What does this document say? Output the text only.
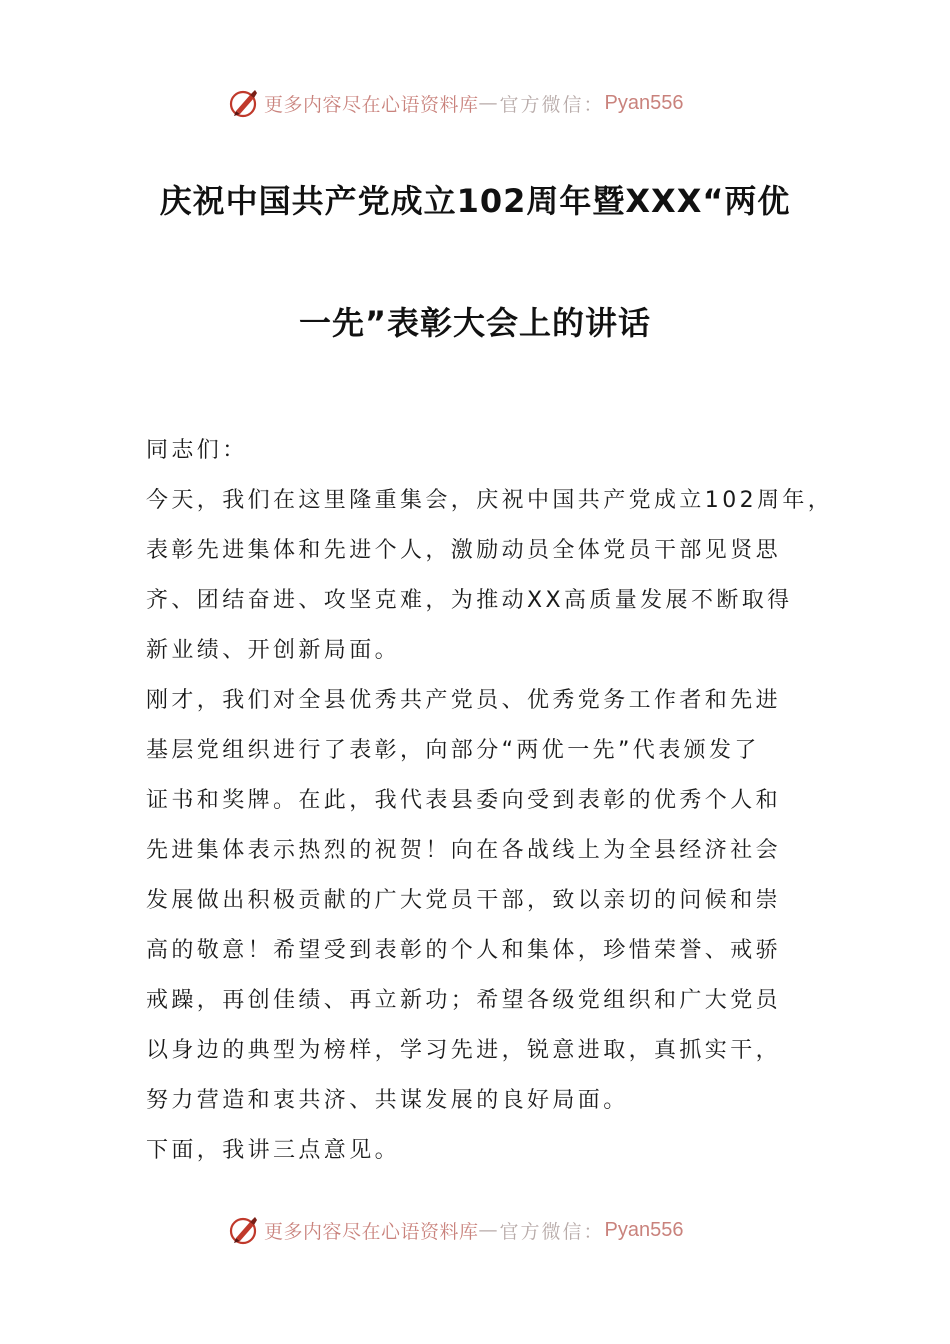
更多内容尽在心语资料库 — 官方微信： Pyan556
庆祝中国共产党成立102周年暨XXX“两优
一先”表彰大会上的讲话
同志们：
今天，我们在这里隆重集会，庆祝中国共产党成立102周年，
表彰先进集体和先进个人，激励动员全体党员干部见贤思
齐、团结奋进、攻坚克难，为推动XX高质量发展不断取得
新业绩、开创新局面。
刚才，我们对全县优秀共产党员、优秀党务工作者和先进
基层党组织进行了表彰，向部分“两优一先”代表颁发了
证书和奖牌。在此，我代表县委向受到表彰的优秀个人和
先进集体表示热烈的祝贺！向在各战线上为全县经济社会
发展做出积极贡献的广大党员干部，致以亲切的问候和崇
高的敬意！希望受到表彰的个人和集体，珍惜荣誉、戒骄
戒躁，再创佳绩、再立新功；希望各级党组织和广大党员
以身边的典型为榜样，学习先进，锐意进取，真抓实干，
努力营造和衷共济、共谋发展的良好局面。
下面，我讲三点意见。
更多内容尽在心语资料库 — 官方微信： Pyan556
